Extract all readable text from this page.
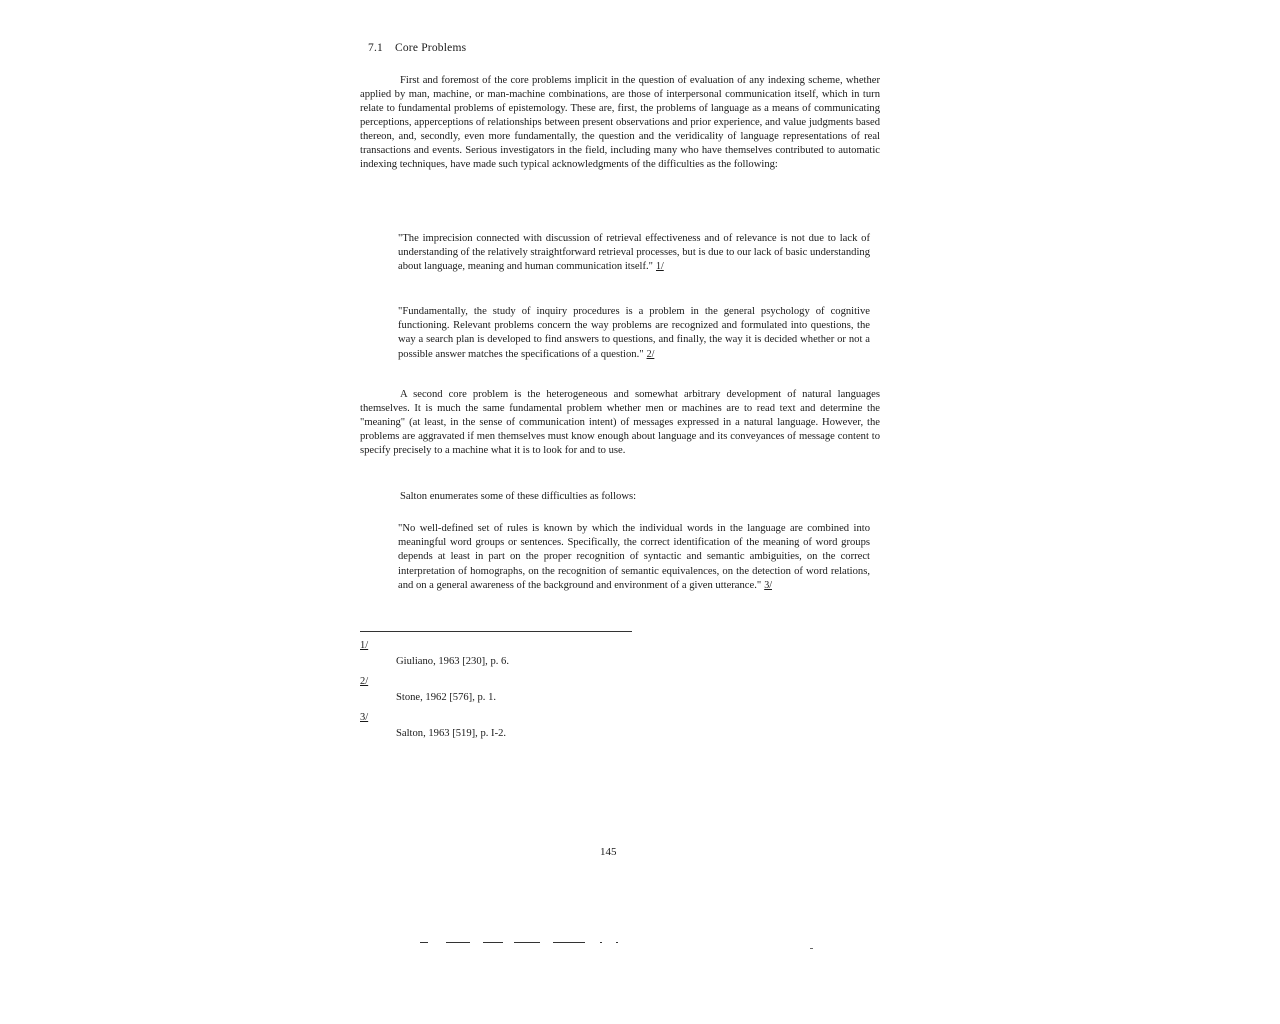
7.1 Core Problems

First and foremost of the core problems implicit in the question of evaluation of any indexing scheme, whether applied by man, machine, or man-machine combinations, are those of interpersonal communication itself, which in turn relate to fundamental problems of epistemology. These are, first, the problems of language as a means of communicating perceptions, apperceptions of relationships between present observations and prior experience, and value judgments based thereon, and, secondly, even more fundamentally, the question and the veridicality of language representations of real transactions and events. Serious investigators in the field, including many who have themselves contributed to automatic indexing techniques, have made such typical acknowledgments of the difficulties as the following:

"The imprecision connected with discussion of retrieval effectiveness and of relevance is not due to lack of understanding of the relatively straightforward retrieval processes, but is due to our lack of basic understanding about language, meaning and human communication itself." 1/

"Fundamentally, the study of inquiry procedures is a problem in the general psychology of cognitive functioning. Relevant problems concern the way problems are recognized and formulated into questions, the way a search plan is developed to find answers to questions, and finally, the way it is decided whether or not a possible answer matches the specifications of a question." 2/

A second core problem is the heterogeneous and somewhat arbitrary development of natural languages themselves. It is much the same fundamental problem whether men or machines are to read text and determine the "meaning" (at least, in the sense of communication intent) of messages expressed in a natural language. However, the problems are aggravated if men themselves must know enough about language and its conveyances of message content to specify precisely to a machine what it is to look for and to use.

Salton enumerates some of these difficulties as follows:

"No well-defined set of rules is known by which the individual words in the language are combined into meaningful word groups or sentences. Specifically, the correct identification of the meaning of word groups depends at least in part on the proper recognition of syntactic and semantic ambiguities, on the correct interpretation of homographs, on the recognition of semantic equivalences, on the detection of word relations, and on a general awareness of the background and environment of a given utterance." 3/

1/
Giuliano, 1963 [230], p. 6.
2/
Stone, 1962 [576], p. 1.
3/
Salton, 1963 [519], p. I-2.
145
